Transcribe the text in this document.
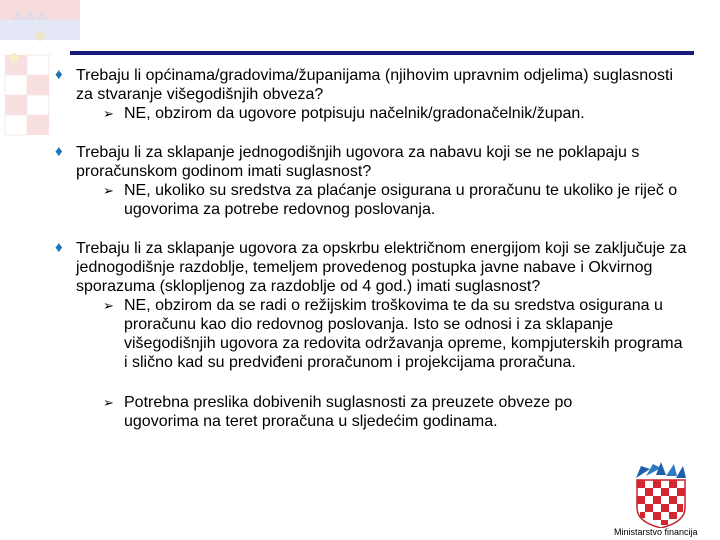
♦ Trebaju li općinama/gradovima/županijama (njihovim upravnim odjelima) suglasnosti za stvaranje višegodišnjih obveza?
➢ NE, obzirom da ugovore potpisuju načelnik/gradonačelnik/župan.
♦ Trebaju li za sklapanje jednogodišnjih ugovora za nabavu koji se ne poklapaju s proračunskom godinom imati suglasnost?
➢ NE, ukoliko su sredstva za plaćanje osigurana u proračunu te ukoliko je riječ o ugovorima za potrebe redovnog poslovanja.
♦ Trebaju li za sklapanje ugovora za opskrbu električnom energijom koji se zaključuje za jednogodišnje razdoblje, temeljem provedenog postupka javne nabave i Okvirnog sporazuma (sklopljenog za razdoblje od 4 god.) imati suglasnost?
➢ NE, obzirom da se radi o režijskim troškovima te da su sredstva osigurana u proračunu kao dio redovnog poslovanja. Isto se odnosi i za sklapanje višegodišnjih ugovora za redovita održavanja opreme, kompjuterskih programa i slično kad su predviđeni proračunom i projekcijama proračuna.
➢ Potrebna preslika dobivenih suglasnosti za preuzete obveze po ugovorima na teret proračuna u sljedećim godinama.
Ministarstvo financija
